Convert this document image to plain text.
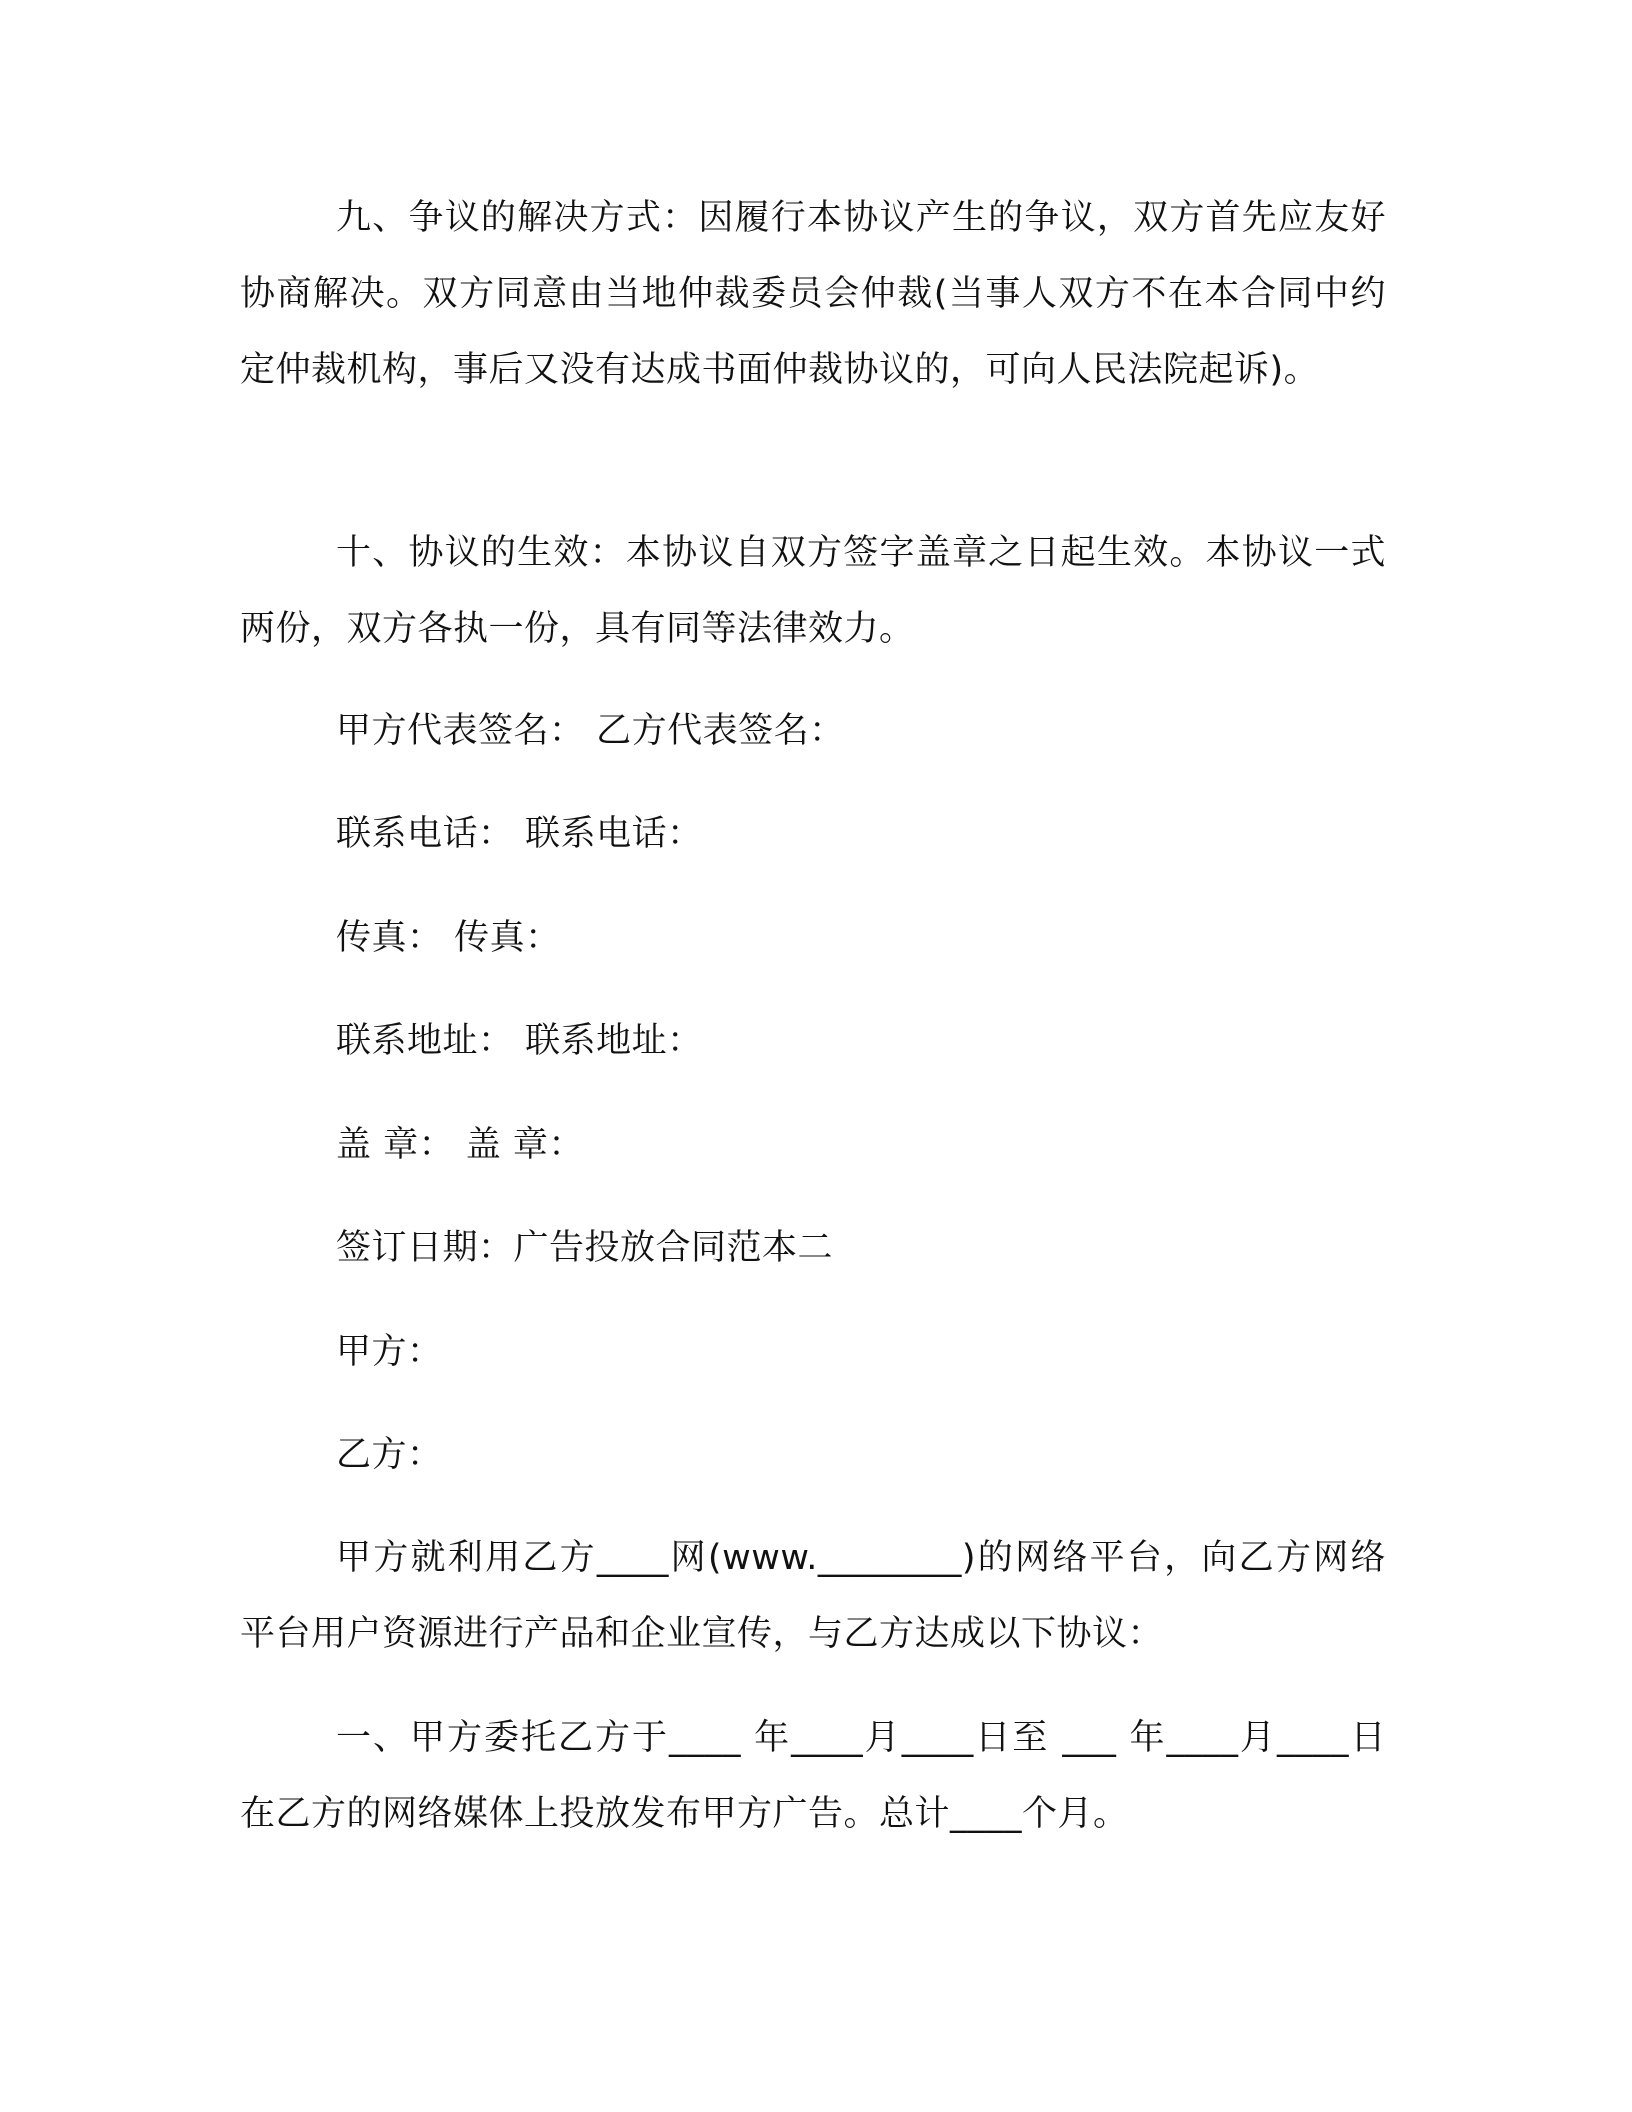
九、争议的解决方式：因履行本协议产生的争议，双方首先应友好协商解决。双方同意由当地仲裁委员会仲裁(当事人双方不在本合同中约定仲裁机构，事后又没有达成书面仲裁协议的，可向人民法院起诉)。

十、协议的生效：本协议自双方签字盖章之日起生效。本协议一式两份，双方各执一份，具有同等法律效力。

甲方代表签名： 乙方代表签名：

联系电话： 联系电话：

传真： 传真：

联系地址： 联系地址：

盖 章： 盖 章：

签订日期：广告投放合同范本二

甲方：

乙方：

甲方就利用乙方____网(www.________)的网络平台，向乙方网络平台用户资源进行产品和企业宣传，与乙方达成以下协议：

一、甲方委托乙方于____ 年____月____日至 ___ 年____月____日在乙方的网络媒体上投放发布甲方广告。总计____个月。
